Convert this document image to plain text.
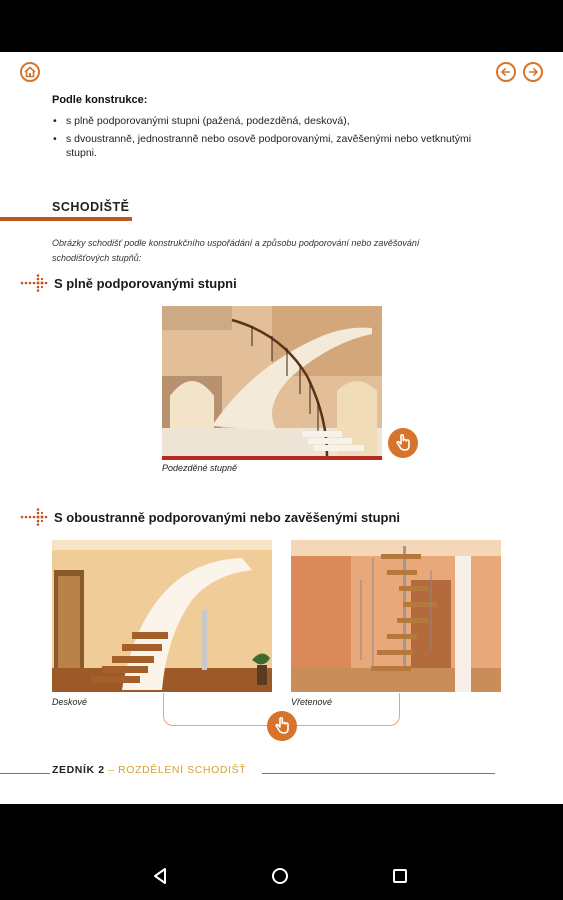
Podle konstrukce:
• s plně podporovanými stupni (pažená, podezděná, desková),
• s dvoustranně, jednostranně nebo osově podporovanými, zavěšenými nebo vetknutými stupni.
SCHODIŠTĚ
Obrázky schodišť podle konstrukčního uspořádání a způsobu podporování nebo zavěšování schodišťových stupňů:
S plně podporovanými stupni
Podezděné stupně
S oboustranně podporovanými nebo zavěšenými stupni
Deskové	Vřetenové
ZEDNÍK 2 – ROZDĚLENÍ SCHODIŠŤ
